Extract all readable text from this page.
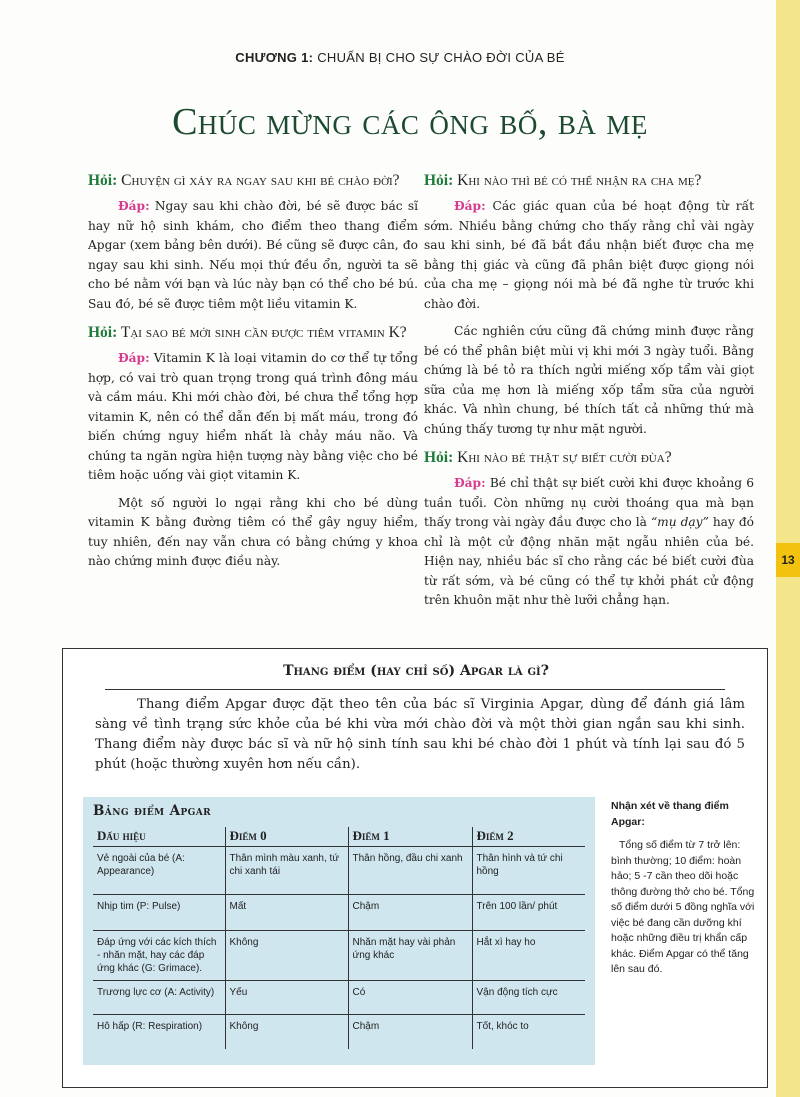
13
CHƯƠNG 1: CHUẨN BỊ CHO SỰ CHÀO ĐỜI CỦA BÉ
Chúc mừng các ông bố, bà mẹ

Hỏi: Chuyện gì xảy ra ngay sau khi bé chào đời?

Đáp: Ngay sau khi chào đời, bé sẽ được bác sĩ hay nữ hộ sinh khám, cho điểm theo thang điểm Apgar (xem bảng bên dưới). Bé cũng sẽ được cân, đo ngay sau khi sinh. Nếu mọi thứ đều ổn, người ta sẽ cho bé nằm với bạn và lúc này bạn có thể cho bé bú. Sau đó, bé sẽ được tiêm một liều vitamin K.

Hỏi: Tại sao bé mới sinh cần được tiêm vitamin K?

Đáp: Vitamin K là loại vitamin do cơ thể tự tổng hợp, có vai trò quan trọng trong quá trình đông máu và cầm máu. Khi mới chào đời, bé chưa thể tổng hợp vitamin K, nên có thể dẫn đến bị mất máu, trong đó biến chứng nguy hiểm nhất là chảy máu não. Và chúng ta ngăn ngừa hiện tượng này bằng việc cho bé tiêm hoặc uống vài giọt vitamin K.

Một số người lo ngại rằng khi cho bé dùng vitamin K bằng đường tiêm có thể gây nguy hiểm, tuy nhiên, đến nay vẫn chưa có bằng chứng y khoa nào chứng minh được điều này.

Hỏi: Khi nào thì bé có thể nhận ra cha mẹ?

Đáp: Các giác quan của bé hoạt động từ rất sớm. Nhiều bằng chứng cho thấy rằng chỉ vài ngày sau khi sinh, bé đã bắt đầu nhận biết được cha mẹ bằng thị giác và cũng đã phân biệt được giọng nói của cha mẹ – giọng nói mà bé đã nghe từ trước khi chào đời.

Các nghiên cứu cũng đã chứng minh được rằng bé có thể phân biệt mùi vị khi mới 3 ngày tuổi. Bằng chứng là bé tỏ ra thích ngửi miếng xốp tẩm vài giọt sữa của mẹ hơn là miếng xốp tẩm sữa của người khác. Và nhìn chung, bé thích tất cả những thứ mà chúng thấy tương tự như mặt người.

Hỏi: Khi nào bé thật sự biết cười đùa?

Đáp: Bé chỉ thật sự biết cười khi được khoảng 6 tuần tuổi. Còn những nụ cười thoáng qua mà bạn thấy trong vài ngày đầu được cho là “mụ dạy” hay đó chỉ là một cử động nhăn mặt ngẫu nhiên của bé. Hiện nay, nhiều bác sĩ cho rằng các bé biết cười đùa từ rất sớm, và bé cũng có thể tự khởi phát cử động trên khuôn mặt như thè lưỡi chẳng hạn.

Thang điểm (hay chỉ số) Apgar là gì?

Thang điểm Apgar được đặt theo tên của bác sĩ Virginia Apgar, dùng để đánh giá lâm sàng về tình trạng sức khỏe của bé khi vừa mới chào đời và một thời gian ngắn sau khi sinh. Thang điểm này được bác sĩ và nữ hộ sinh tính sau khi bé chào đời 1 phút và tính lại sau đó 5 phút (hoặc thường xuyên hơn nếu cần).

Bảng điểm Apgar
Dấu hiệu	Điểm 0	Điểm 1	Điểm 2
Vẻ ngoài của bé (A: Appearance)	Thân mình màu xanh, tứ chi xanh tái	Thân hồng, đầu chi xanh	Thân hình và tứ chi hồng
Nhịp tim (P: Pulse)	Mất	Chậm	Trên 100 lần/ phút
Đáp ứng với các kích thích - nhăn mặt, hay các đáp ứng khác (G: Grimace).	Không	Nhăn mặt hay vài phản ứng khác	Hắt xì hay ho
Trương lực cơ (A: Activity)	Yếu	Có	Vận động tích cực
Hô hấp (R: Respiration)	Không	Chậm	Tốt, khóc to

Nhận xét về thang điểm Apgar:

Tổng số điểm từ 7 trở lên: bình thường; 10 điểm: hoàn hảo; 5 -7 cần theo dõi hoặc thông đường thở cho bé. Tổng số điểm dưới 5 đồng nghĩa với việc bé đang cần dưỡng khí hoặc những điều trị khẩn cấp khác. Điểm Apgar có thể tăng lên sau đó.
